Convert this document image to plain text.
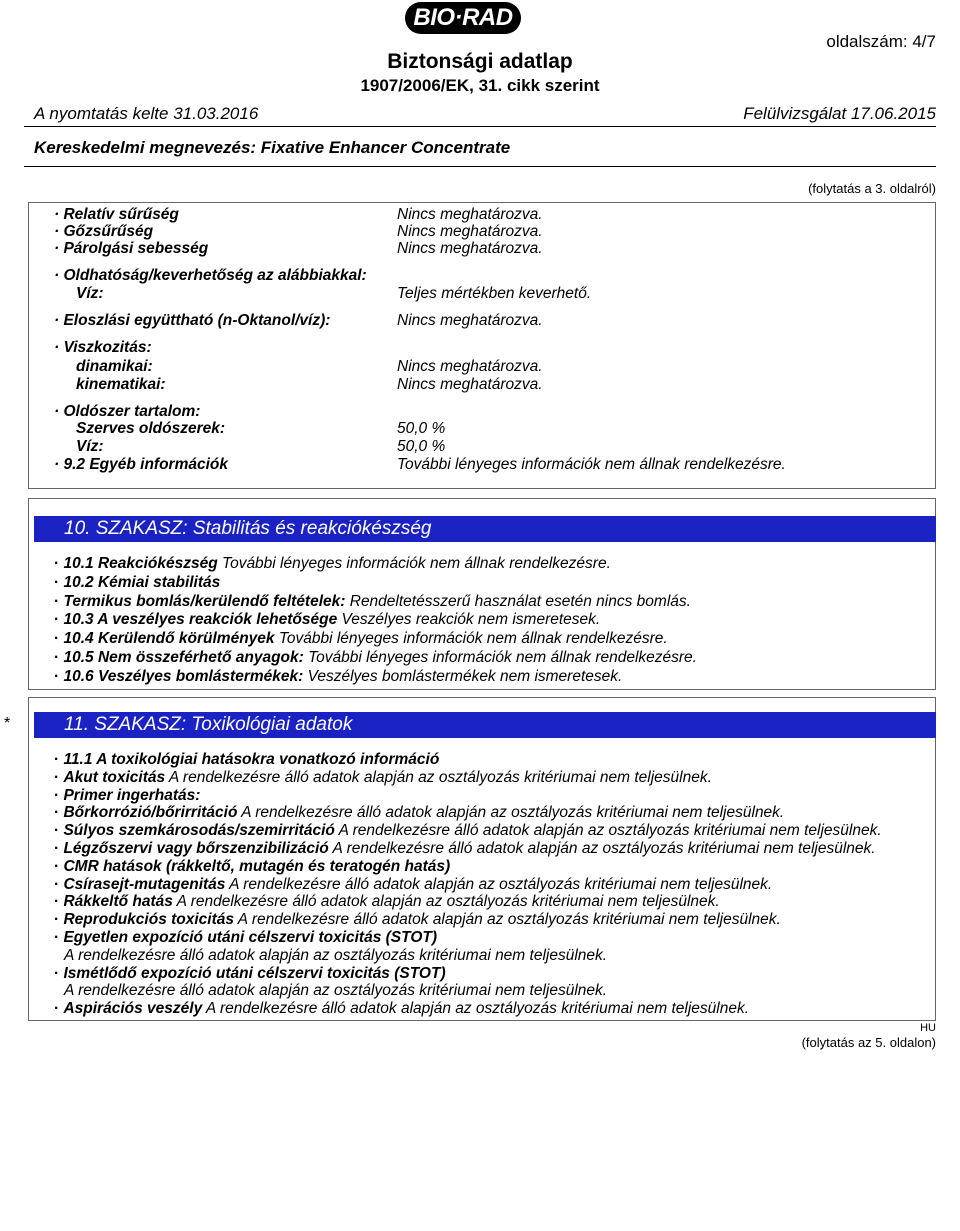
BIO·RAD
oldalszám: 4/7
Biztonsági adatlap
1907/2006/EK, 31. cikk szerint
A nyomtatás kelte 31.03.2016	Felülvizsgálat 17.06.2015
Kereskedelmi megnevezés: Fixative Enhancer Concentrate
(folytatás a 3. oldalról)
· Relatív sűrűség	Nincs meghatározva.
· Gőzsűrűség	Nincs meghatározva.
· Párolgási sebesség	Nincs meghatározva.
· Oldhatóság/keverhetőség az alábbiakkal:
Víz:	Teljes mértékben keverhető.
· Eloszlási együttható (n-Oktanol/víz):	Nincs meghatározva.
· Viszkozitás:
dinamikai:	Nincs meghatározva.
kinematikai:	Nincs meghatározva.
· Oldószer tartalom:
Szerves oldószerek:	50,0 %
Víz:	50,0 %
· 9.2 Egyéb információk	További lényeges információk nem állnak rendelkezésre.
10. SZAKASZ: Stabilitás és reakciókészség
· 10.1 Reakciókészség További lényeges információk nem állnak rendelkezésre.
· 10.2 Kémiai stabilitás
· Termikus bomlás/kerülendő feltételek: Rendeltetésszerű használat esetén nincs bomlás.
· 10.3 A veszélyes reakciók lehetősége Veszélyes reakciók nem ismeretesek.
· 10.4 Kerülendő körülmények További lényeges információk nem állnak rendelkezésre.
· 10.5 Nem összeférhető anyagok: További lényeges információk nem állnak rendelkezésre.
· 10.6 Veszélyes bomlástermékek: Veszélyes bomlástermékek nem ismeretesek.
*	11. SZAKASZ: Toxikológiai adatok
· 11.1 A toxikológiai hatásokra vonatkozó információ
· Akut toxicitás A rendelkezésre álló adatok alapján az osztályozás kritériumai nem teljesülnek.
· Primer ingerhatás:
· Bőrkorrózió/bőrirritáció A rendelkezésre álló adatok alapján az osztályozás kritériumai nem teljesülnek.
· Súlyos szemkárosodás/szemirritáció A rendelkezésre álló adatok alapján az osztályozás kritériumai nem teljesülnek.
· Légzőszervi vagy bőrszenzibilizáció A rendelkezésre álló adatok alapján az osztályozás kritériumai nem teljesülnek.
· CMR hatások (rákkeltő, mutagén és teratogén hatás)
· Csírasejt-mutagenitás A rendelkezésre álló adatok alapján az osztályozás kritériumai nem teljesülnek.
· Rákkeltő hatás A rendelkezésre álló adatok alapján az osztályozás kritériumai nem teljesülnek.
· Reprodukciós toxicitás A rendelkezésre álló adatok alapján az osztályozás kritériumai nem teljesülnek.
· Egyetlen expozíció utáni célszervi toxicitás (STOT)
A rendelkezésre álló adatok alapján az osztályozás kritériumai nem teljesülnek.
· Ismétlődő expozíció utáni célszervi toxicitás (STOT)
A rendelkezésre álló adatok alapján az osztályozás kritériumai nem teljesülnek.
· Aspirációs veszély A rendelkezésre álló adatok alapján az osztályozás kritériumai nem teljesülnek.
HU
(folytatás az 5. oldalon)
